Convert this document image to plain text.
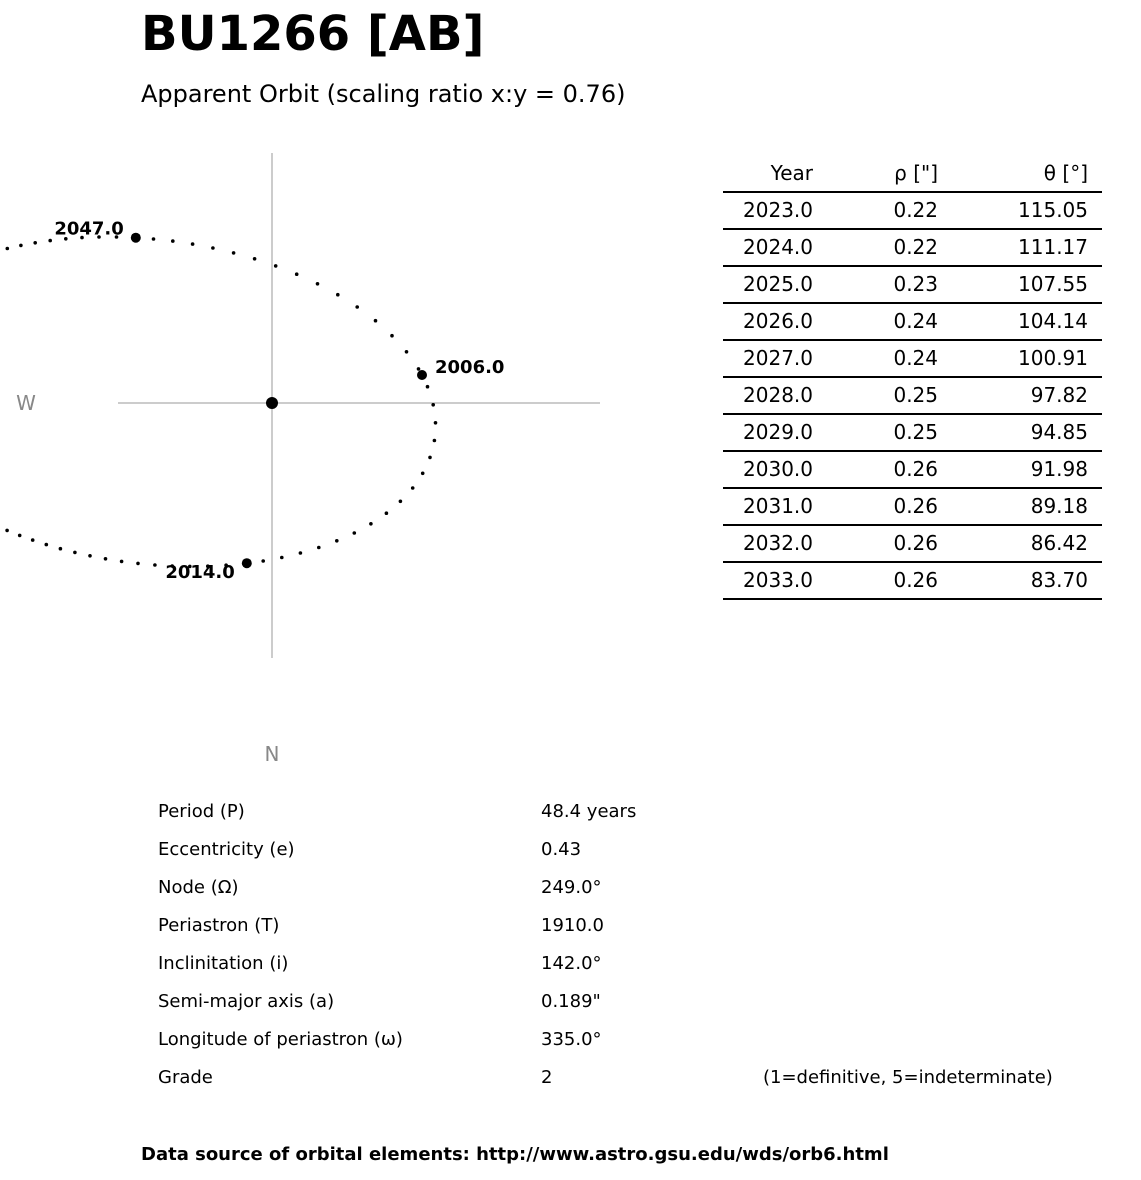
BU1266 [AB]
Apparent Orbit (scaling ratio x:y = 0.76)
W
N
2006.0
2014.0
2047.0
Year	ρ ["]	θ [°]
2023.0	0.22	115.05
2024.0	0.22	111.17
2025.0	0.23	107.55
2026.0	0.24	104.14
2027.0	0.24	100.91
2028.0	0.25	97.82
2029.0	0.25	94.85
2030.0	0.26	91.98
2031.0	0.26	89.18
2032.0	0.26	86.42
2033.0	0.26	83.70
Period (P)	48.4 years
Eccentricity (e)	0.43
Node (Ω)	249.0°
Periastron (T)	1910.0
Inclinitation (i)	142.0°
Semi-major axis (a)	0.189"
Longitude of periastron (ω)	335.0°
Grade	2	(1=definitive, 5=indeterminate)
Data source of orbital elements: http://www.astro.gsu.edu/wds/orb6.html
